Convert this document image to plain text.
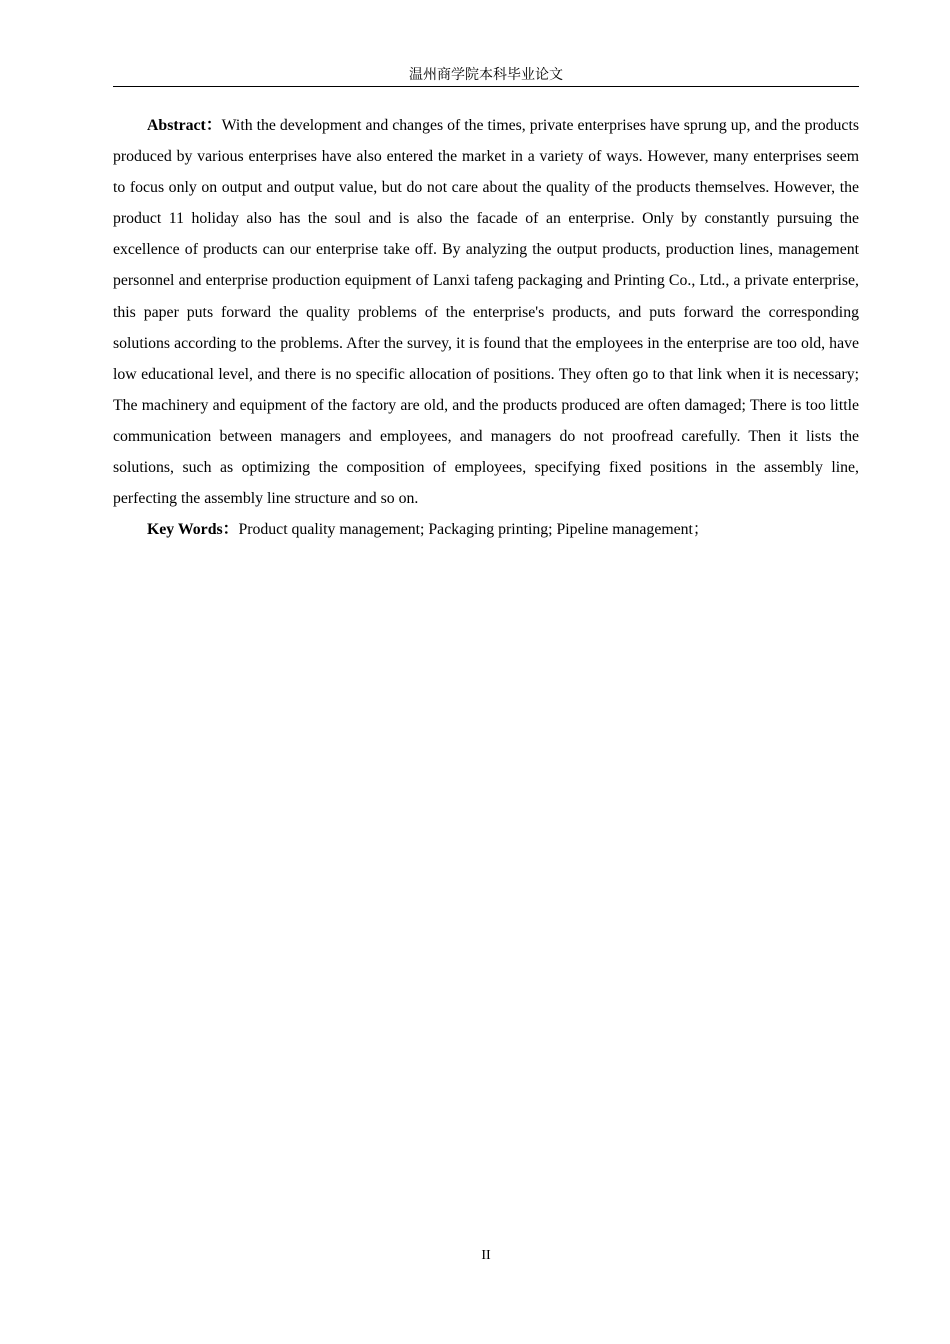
温州商学院本科毕业论文

Abstract：With the development and changes of the times, private enterprises have sprung up, and the products produced by various enterprises have also entered the market in a variety of ways. However, many enterprises seem to focus only on output and output value, but do not care about the quality of the products themselves. However, the product 11 holiday also has the soul and is also the facade of an enterprise. Only by constantly pursuing the excellence of products can our enterprise take off. By analyzing the output products, production lines, management personnel and enterprise production equipment of Lanxi tafeng packaging and Printing Co., Ltd., a private enterprise, this paper puts forward the quality problems of the enterprise's products, and puts forward the corresponding solutions according to the problems. After the survey, it is found that the employees in the enterprise are too old, have low educational level, and there is no specific allocation of positions. They often go to that link when it is necessary; The machinery and equipment of the factory are old, and the products produced are often damaged; There is too little communication between managers and employees, and managers do not proofread carefully. Then it lists the solutions, such as optimizing the composition of employees, specifying fixed positions in the assembly line, perfecting the assembly line structure and so on.

Key Words：Product quality management; Packaging printing; Pipeline management；

II
